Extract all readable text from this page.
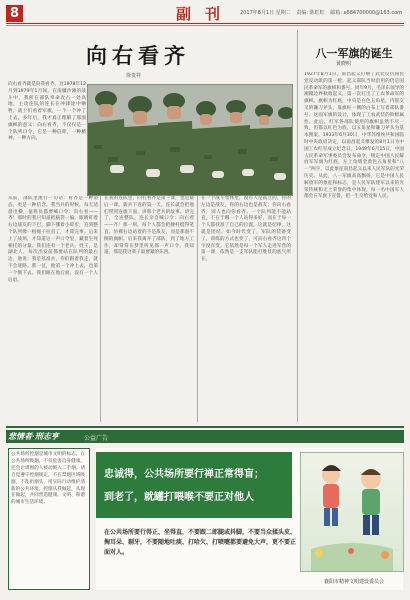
8	副刊	2017年8月1日 星期二 责编: 陈虹虹 邮箱: a884700000@163.com
向右看齐
徐贵祥
向右看齐就是向我看齐。这1978年12月到1979年1月间，在南疆沙滩的战斗中，我所在部队奉命攻占一处高地，主攻连队的连长在冲锋途中牺牲，战士们看着军旗，一个一个冲了上去。多年后，我才真正理解了那面旗帜的意义：向右看齐，不仅仅是一个队列口令，它是一种信仰，一种精神，一种方向。
从前，部队里流行一句话：看齐是一种姿态，更是一种信念。我当兵的时候，每天清晨出操，值班员都要喊口令：向右看——齐！那时的我只知道把脑袋一偏，眼睛盯着右边战友的下巴，脚下挪着小碎步，直到整个队列像一根绳子拉直了，才算完事。后来上了战场，才知道这一声口令里，藏着生死相托的分量。我们连有一个老兵，姓王，是湖北人，每次出发前都要站在队列的最右边，他说：我是基准兵，你们跟着我走，就不会迷路。那一仗，他第一个冲上去，也第一个倒下去。我们跟在他后面，没有一个人后退。
在我的连队里，向右看齐是第一课，也是最后一课。新兵下连的第一天，连长就会把他们带到连旗下面，讲那个老兵的故事。讲完了，全连整队，连长亲自喊口令：向右看——齐！那一刻，每个人都会把腰杆挺得笔直，仿佛右边站着的不是战友，而是那面不倒的旗帜。后来我离开了部队，到了地方工作，却常常在梦里听见那一声口令。我知道，那是我这辈子最要紧的东西。
在一个战斗集体里，没有人是孤立的。你的左边是战友，你的右边也是战友；你向右看齐，别人也向你看齐。一个队列能不能站直，不在于哪一个人站得多好，而在于每一个人都找准了自己的位置。这就是纪律，这就是团结。如今时代变了，军队的装备变了，训练的方式也变了，可向右看齐这四个字没有变。它依然是每一个军人走进军营的第一课，依然是一支军队能打胜仗的底气所在。
八一军旗的诞生
黄晓明
1927年8月1日，南昌起义打响了武装反抗国民党反动派的第一枪。起义部队当时沿用的仍是国民革命军的旗帜和番号。同年9月，毛泽东领导的湘赣边界秋收起义，第一次打出了工农革命军的旗帜。旗帜为红底，中央是白色五角星，内嵌交叉的镰刀斧头，靠旗杆一侧的白布上写着部队番号。这面军旗的设计，体现了工农武装的阶级属性。此后，红军各部队使用的旗帜虽然不尽一致，但都以红色为底，以五角星和镰刀斧头为基本图案。1933年6月30日，中华苏维埃共和国临时中央政府决定，以南昌起义爆发的8月1日为中国工农红军成立纪念日。1949年6月15日，中国人民革命军事委员会发布命令，规定中国人民解放军军旗为红底，左上角缀金黄色五角星和“八一”两字，以此象征南昌起义以来人民军队的光荣历史。从此，八一军旗高高飘扬，它是中国人民解放军的象征和标志，是人民军队建军以来的光荣传统和无上荣誉的集中体现。每一名中国军人都会在军旗下宣誓，把一生交给党和人民。
悲情者·刑志亨	公益广告
公共场所控烟是城市文明的标志。在公共场所吸烟，不仅危害自身健康，还会让周围的人被动吸入二手烟。请自觉遵守控烟规定，不在禁烟区域吸烟，不乱扔烟头，用实际行动维护清新的公共环境。控烟从我做起，从现在做起，共同营造健康、文明、和谐的城市生活环境。
忠诚得，公共场所要行禅正常得盲；
到老了，就罐打喂喉不要正对他人
在公共场所要行得正、坐得直，不要跟二郎腿或抖脚，不要当众揉头皮、掏耳朵、剔牙，不要随地吐痰、打哈欠、打喷嚏都要避免大声，更不要正面对人。
襄阳市精神文明建设委员会
